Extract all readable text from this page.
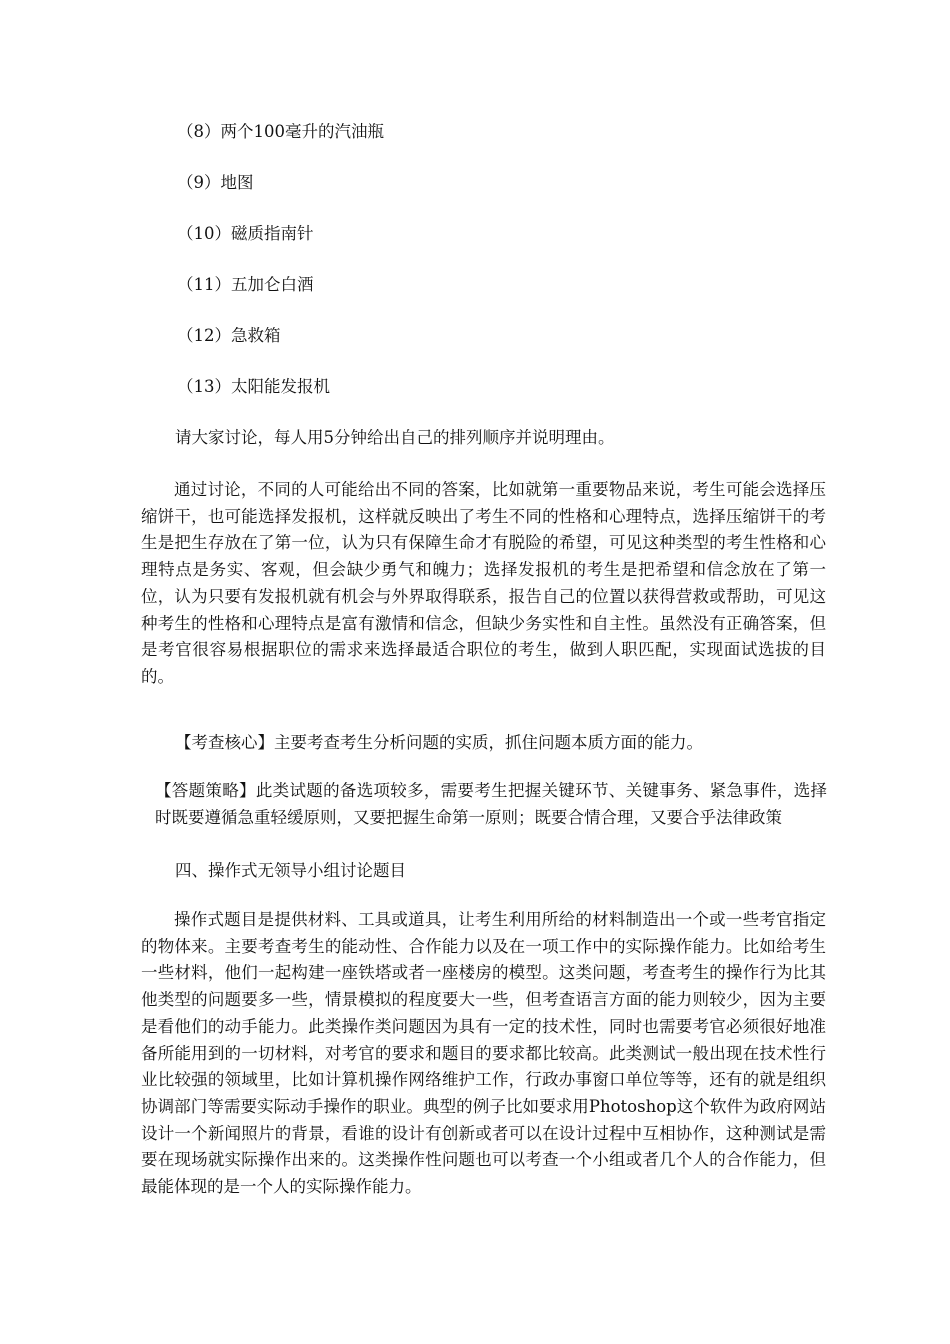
（8）两个100毫升的汽油瓶
（9）地图
（10）磁质指南针
（11）五加仑白酒
（12）急救箱
（13）太阳能发报机
请大家讨论，每人用5分钟给出自己的排列顺序并说明理由。
通过讨论，不同的人可能给出不同的答案，比如就第一重要物品来说，考生可能会选择压缩饼干，也可能选择发报机，这样就反映出了考生不同的性格和心理特点，选择压缩饼干的考生是把生存放在了第一位，认为只有保障生命才有脱险的希望，可见这种类型的考生性格和心理特点是务实、客观，但会缺少勇气和魄力；选择发报机的考生是把希望和信念放在了第一位，认为只要有发报机就有机会与外界取得联系，报告自己的位置以获得营救或帮助，可见这种考生的性格和心理特点是富有激情和信念，但缺少务实性和自主性。虽然没有正确答案，但是考官很容易根据职位的需求来选择最适合职位的考生，做到人职匹配，实现面试选拔的目的。
【考查核心】主要考查考生分析问题的实质，抓住问题本质方面的能力。
【答题策略】此类试题的备选项较多，需要考生把握关键环节、关键事务、紧急事件，选择时既要遵循急重轻缓原则，又要把握生命第一原则；既要合情合理，又要合乎法律政策
四、操作式无领导小组讨论题目
操作式题目是提供材料、工具或道具，让考生利用所给的材料制造出一个或一些考官指定的物体来。主要考查考生的能动性、合作能力以及在一项工作中的实际操作能力。比如给考生一些材料，他们一起构建一座铁塔或者一座楼房的模型。这类问题，考查考生的操作行为比其他类型的问题要多一些，情景模拟的程度要大一些，但考查语言方面的能力则较少，因为主要是看他们的动手能力。此类操作类问题因为具有一定的技术性，同时也需要考官必须很好地准备所能用到的一切材料，对考官的要求和题目的要求都比较高。此类测试一般出现在技术性行业比较强的领域里，比如计算机操作网络维护工作，行政办事窗口单位等等，还有的就是组织协调部门等需要实际动手操作的职业。典型的例子比如要求用Photoshop这个软件为政府网站设计一个新闻照片的背景，看谁的设计有创新或者可以在设计过程中互相协作，这种测试是需要在现场就实际操作出来的。这类操作性问题也可以考查一个小组或者几个人的合作能力，但最能体现的是一个人的实际操作能力。
